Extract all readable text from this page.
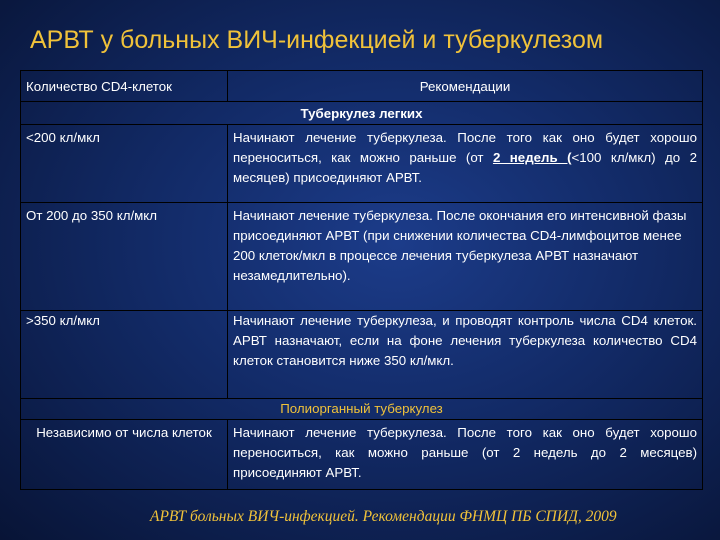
АРВТ у больных ВИЧ-инфекцией и туберкулезом
Количество CD4-клеток	Рекомендации
Туберкулез легких	
<200 кл/мкл	Начинают лечение туберкулеза. После того как оно будет хорошо переноситься, как можно раньше (от 2 недель (<100 кл/мкл) до 2 месяцев) присоединяют АРВТ.
От 200 до 350 кл/мкл	Начинают лечение туберкулеза. После окончания его интенсивной фазы присоединяют АРВТ (при снижении количества CD4-лимфоцитов менее 200 клеток/мкл в процессе лечения туберкулеза АРВТ назначают незамедлительно).
>350 кл/мкл	Начинают лечение туберкулеза, и проводят контроль числа CD4 клеток. АРВТ назначают, если на фоне лечения туберкулеза количество CD4 клеток становится ниже 350 кл/мкл.
Полиорганный туберкулез	
Независимо от числа клеток	Начинают лечение туберкулеза. После того как оно будет хорошо переноситься, как можно раньше (от 2 недель до 2 месяцев) присоединяют АРВТ.
АРВТ больных ВИЧ-инфекцией. Рекомендации ФНМЦ ПБ СПИД, 2009
